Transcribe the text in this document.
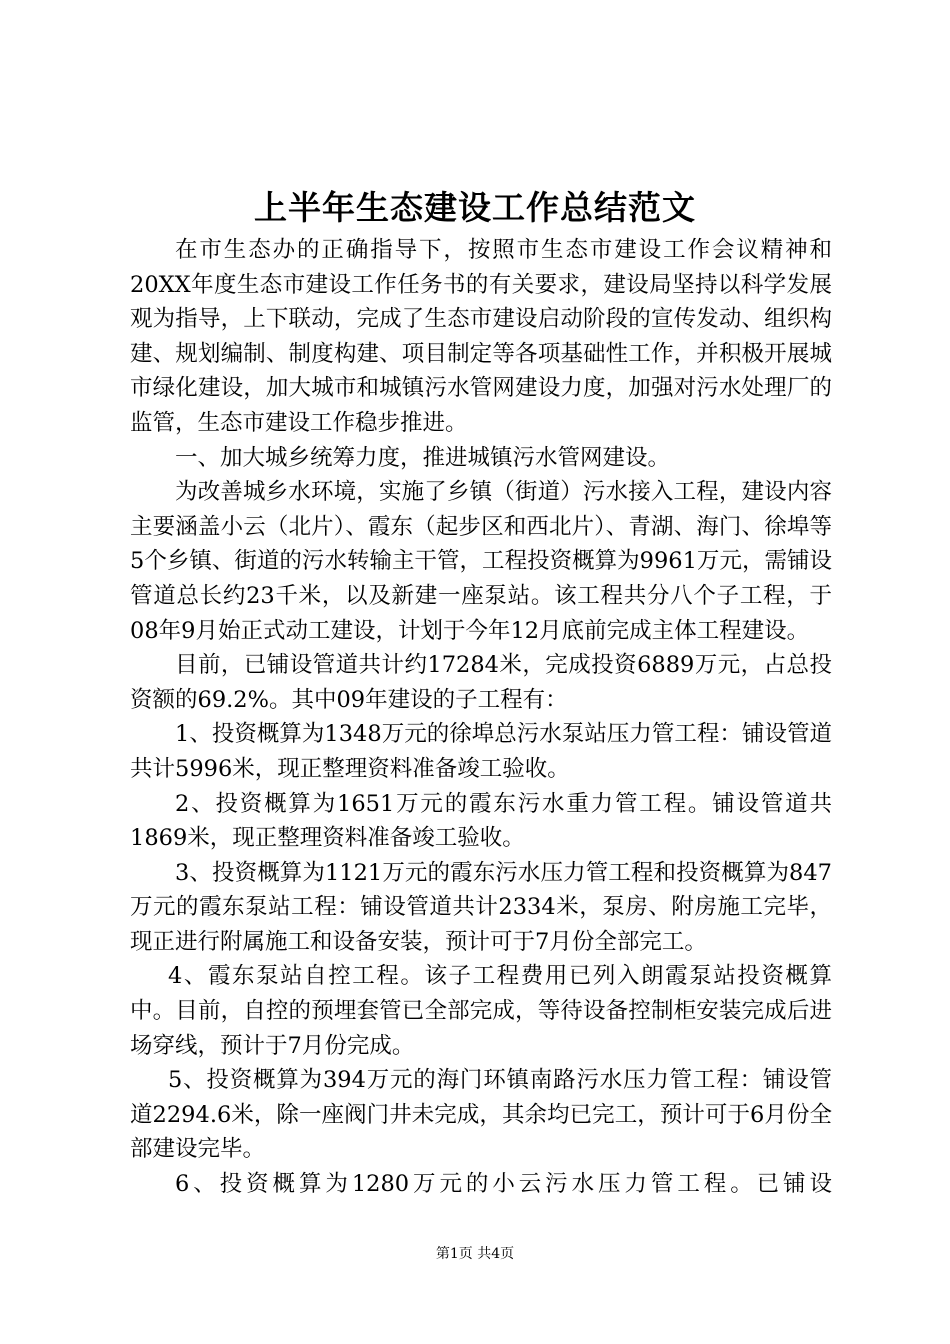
上半年生态建设工作总结范文

在市生态办的正确指导下，按照市生态市建设工作会议精神和20XX年度生态市建设工作任务书的有关要求，建设局坚持以科学发展观为指导，上下联动，完成了生态市建设启动阶段的宣传发动、组织构建、规划编制、制度构建、项目制定等各项基础性工作，并积极开展城市绿化建设，加大城市和城镇污水管网建设力度，加强对污水处理厂的监管，生态市建设工作稳步推进。

一、加大城乡统筹力度，推进城镇污水管网建设。

为改善城乡水环境，实施了乡镇（街道）污水接入工程，建设内容主要涵盖小云（北片）、霞东（起步区和西北片）、青湖、海门、徐埠等5个乡镇、街道的污水转输主干管，工程投资概算为9961万元，需铺设管道总长约23千米，以及新建一座泵站。该工程共分八个子工程，于08年9月始正式动工建设，计划于今年12月底前完成主体工程建设。

目前，已铺设管道共计约17284米，完成投资6889万元，占总投资额的69.2%。其中09年建设的子工程有：

1、投资概算为1348万元的徐埠总污水泵站压力管工程：铺设管道共计5996米，现正整理资料准备竣工验收。

2、投资概算为1651万元的霞东污水重力管工程。铺设管道共1869米，现正整理资料准备竣工验收。

3、投资概算为1121万元的霞东污水压力管工程和投资概算为847万元的霞东泵站工程：铺设管道共计2334米，泵房、附房施工完毕，现正进行附属施工和设备安装，预计可于7月份全部完工。

4、霞东泵站自控工程。该子工程费用已列入朗霞泵站投资概算中。目前，自控的预埋套管已全部完成，等待设备控制柜安装完成后进场穿线，预计于7月份完成。

5、投资概算为394万元的海门环镇南路污水压力管工程：铺设管道2294.6米，除一座阀门井未完成，其余均已完工，预计可于6月份全部建设完毕。

6、投资概算为1280万元的小云污水压力管工程。已铺设

第1页 共4页
